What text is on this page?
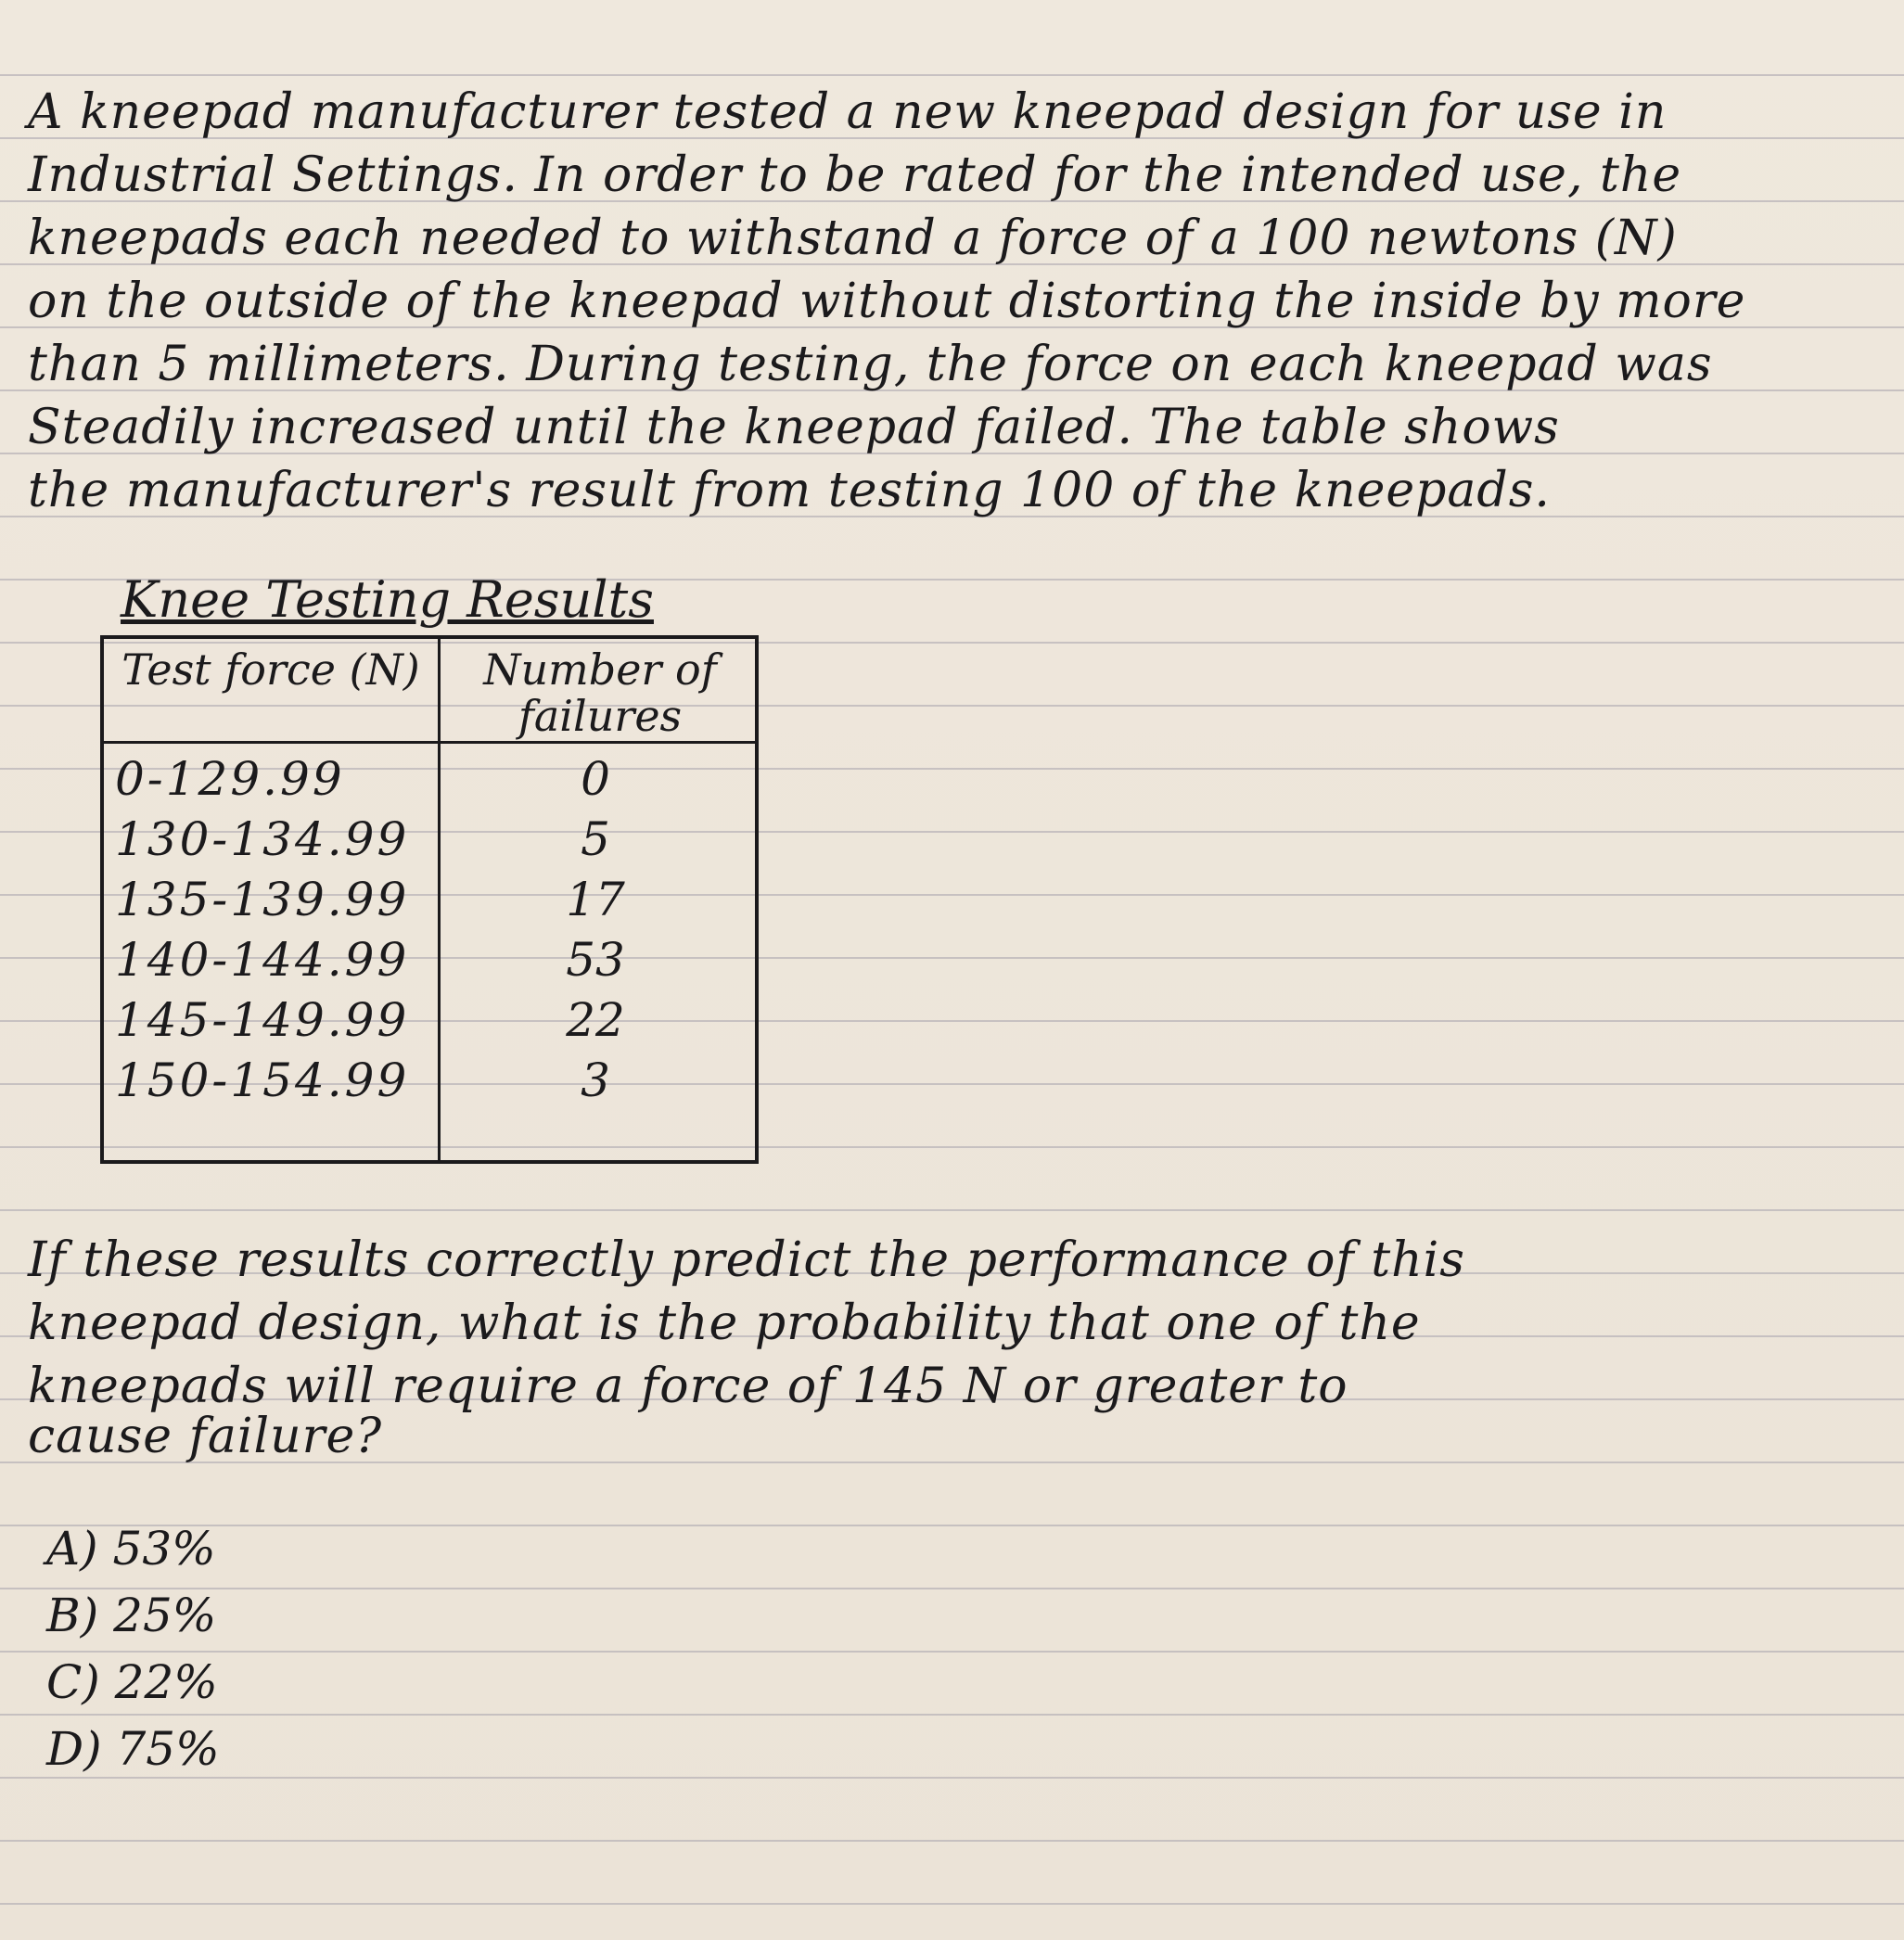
A kneepad manufacturer tested a new kneepad design for use in
Industrial Settings. In order to be rated for the intended use, the
kneepads each needed to withstand a force of a 100 newtons (N)
on the outside of the kneepad without distorting the inside by more
than 5 millimeters. During testing, the force on each kneepad was
Steadily increased until the kneepad failed. The table shows
the manufacturer's result from testing 100 of the kneepads.
Knee Testing Results
Test force (N)	Number of failures
0-129.99	0
130-134.99	5
135-139.99	17
140-144.99	53
145-149.99	22
150-154.99	3
If these results correctly predict the performance of this
kneepad design, what is the probability that one of the
kneepads will require a force of 145 N or greater to
cause failure?
A) 53%
B) 25%
C) 22%
D) 75%
